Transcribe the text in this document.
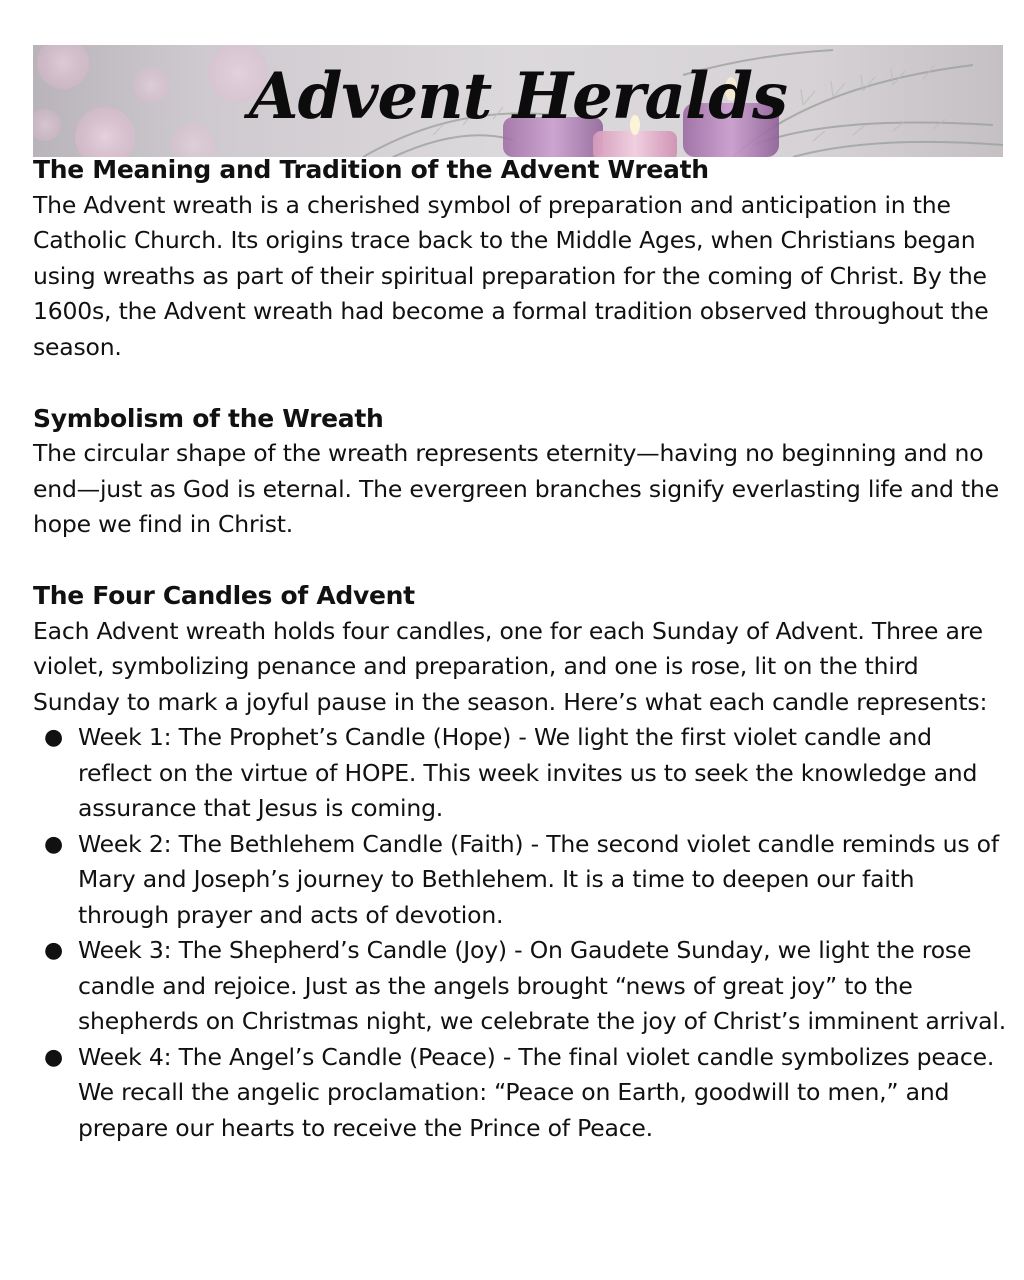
Advent Heralds
The Meaning and Tradition of the Advent Wreath

The Advent wreath is a cherished symbol of preparation and anticipation in the Catholic Church. Its origins trace back to the Middle Ages, when Christians began using wreaths as part of their spiritual preparation for the coming of Christ. By the 1600s, the Advent wreath had become a formal tradition observed throughout the season.

Symbolism of the Wreath

The circular shape of the wreath represents eternity—having no beginning and no end—just as God is eternal. The evergreen branches signify everlasting life and the hope we find in Christ.

The Four Candles of Advent

Each Advent wreath holds four candles, one for each Sunday of Advent. Three are violet, symbolizing penance and preparation, and one is rose, lit on the third Sunday to mark a joyful pause in the season. Here’s what each candle represents:

● Week 1: The Prophet’s Candle (Hope) - We light the first violet candle and reflect on the virtue of HOPE. This week invites us to seek the knowledge and assurance that Jesus is coming.
● Week 2: The Bethlehem Candle (Faith) - The second violet candle reminds us of Mary and Joseph’s journey to Bethlehem. It is a time to deepen our faith through prayer and acts of devotion.
● Week 3: The Shepherd’s Candle (Joy) - On Gaudete Sunday, we light the rose candle and rejoice. Just as the angels brought “news of great joy” to the shepherds on Christmas night, we celebrate the joy of Christ’s imminent arrival.
● Week 4: The Angel’s Candle (Peace) - The final violet candle symbolizes peace. We recall the angelic proclamation: “Peace on Earth, goodwill to men,” and prepare our hearts to receive the Prince of Peace.
